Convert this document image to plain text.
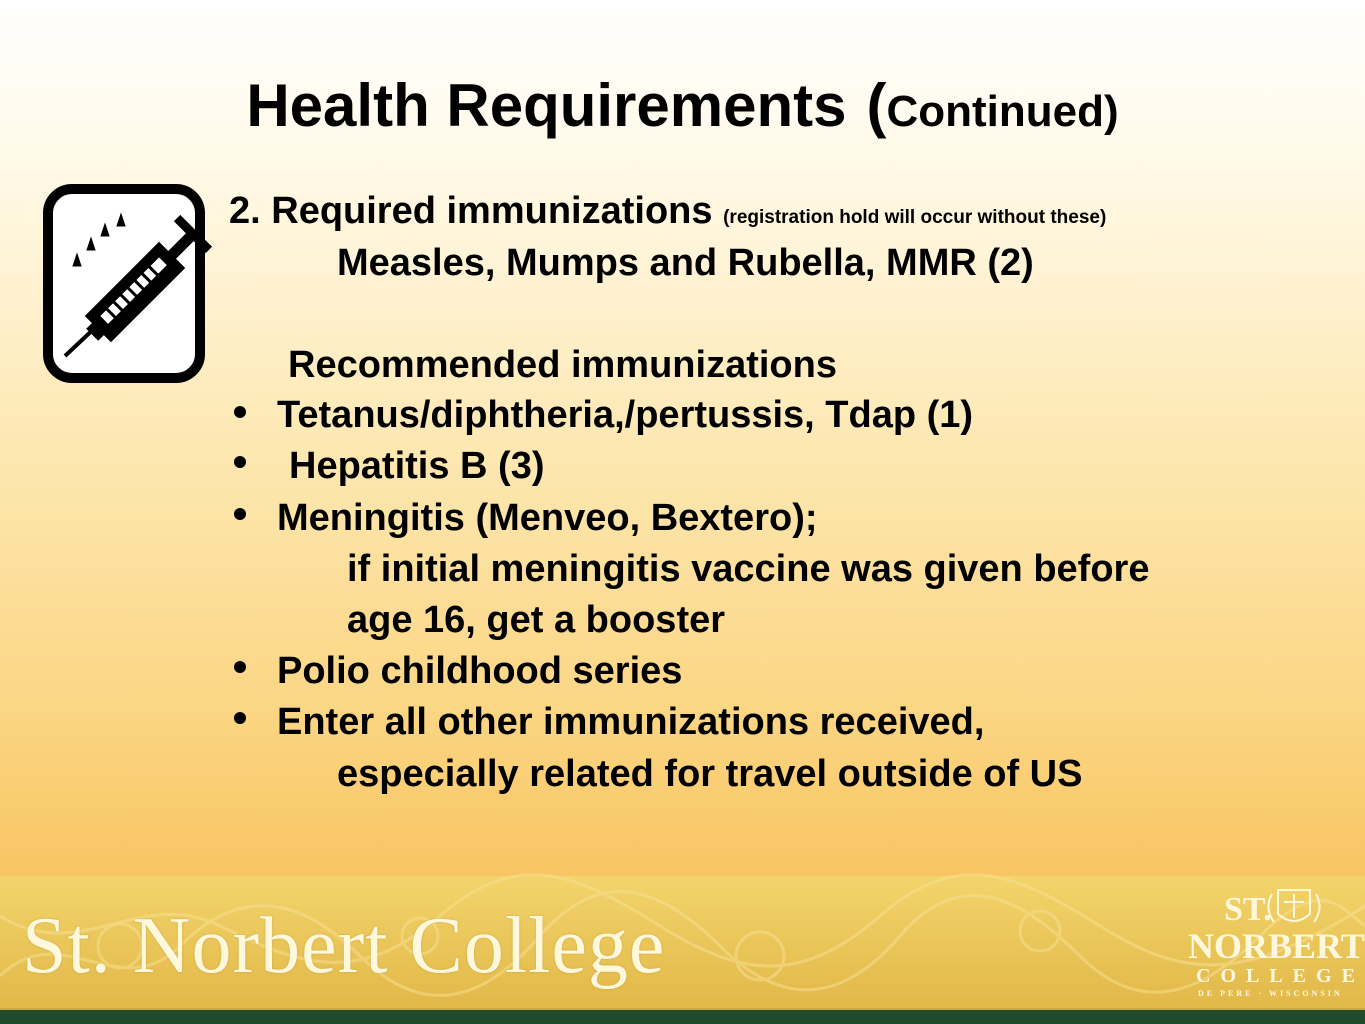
Health Requirements (Continued)
2. Required immunizations (registration hold will occur without these)
Measles, Mumps and Rubella, MMR (2)
Recommended immunizations
Tetanus/diphtheria,/pertussis, Tdap (1)
Hepatitis B (3)
Meningitis (Menveo, Bextero);
if initial meningitis vaccine was given before
age 16, get a booster
Polio childhood series
Enter all other immunizations received,
especially related for travel outside of US
St. Norbert College	ST.
NORBERT
COLLEGE
DE PERE · WISCONSIN
